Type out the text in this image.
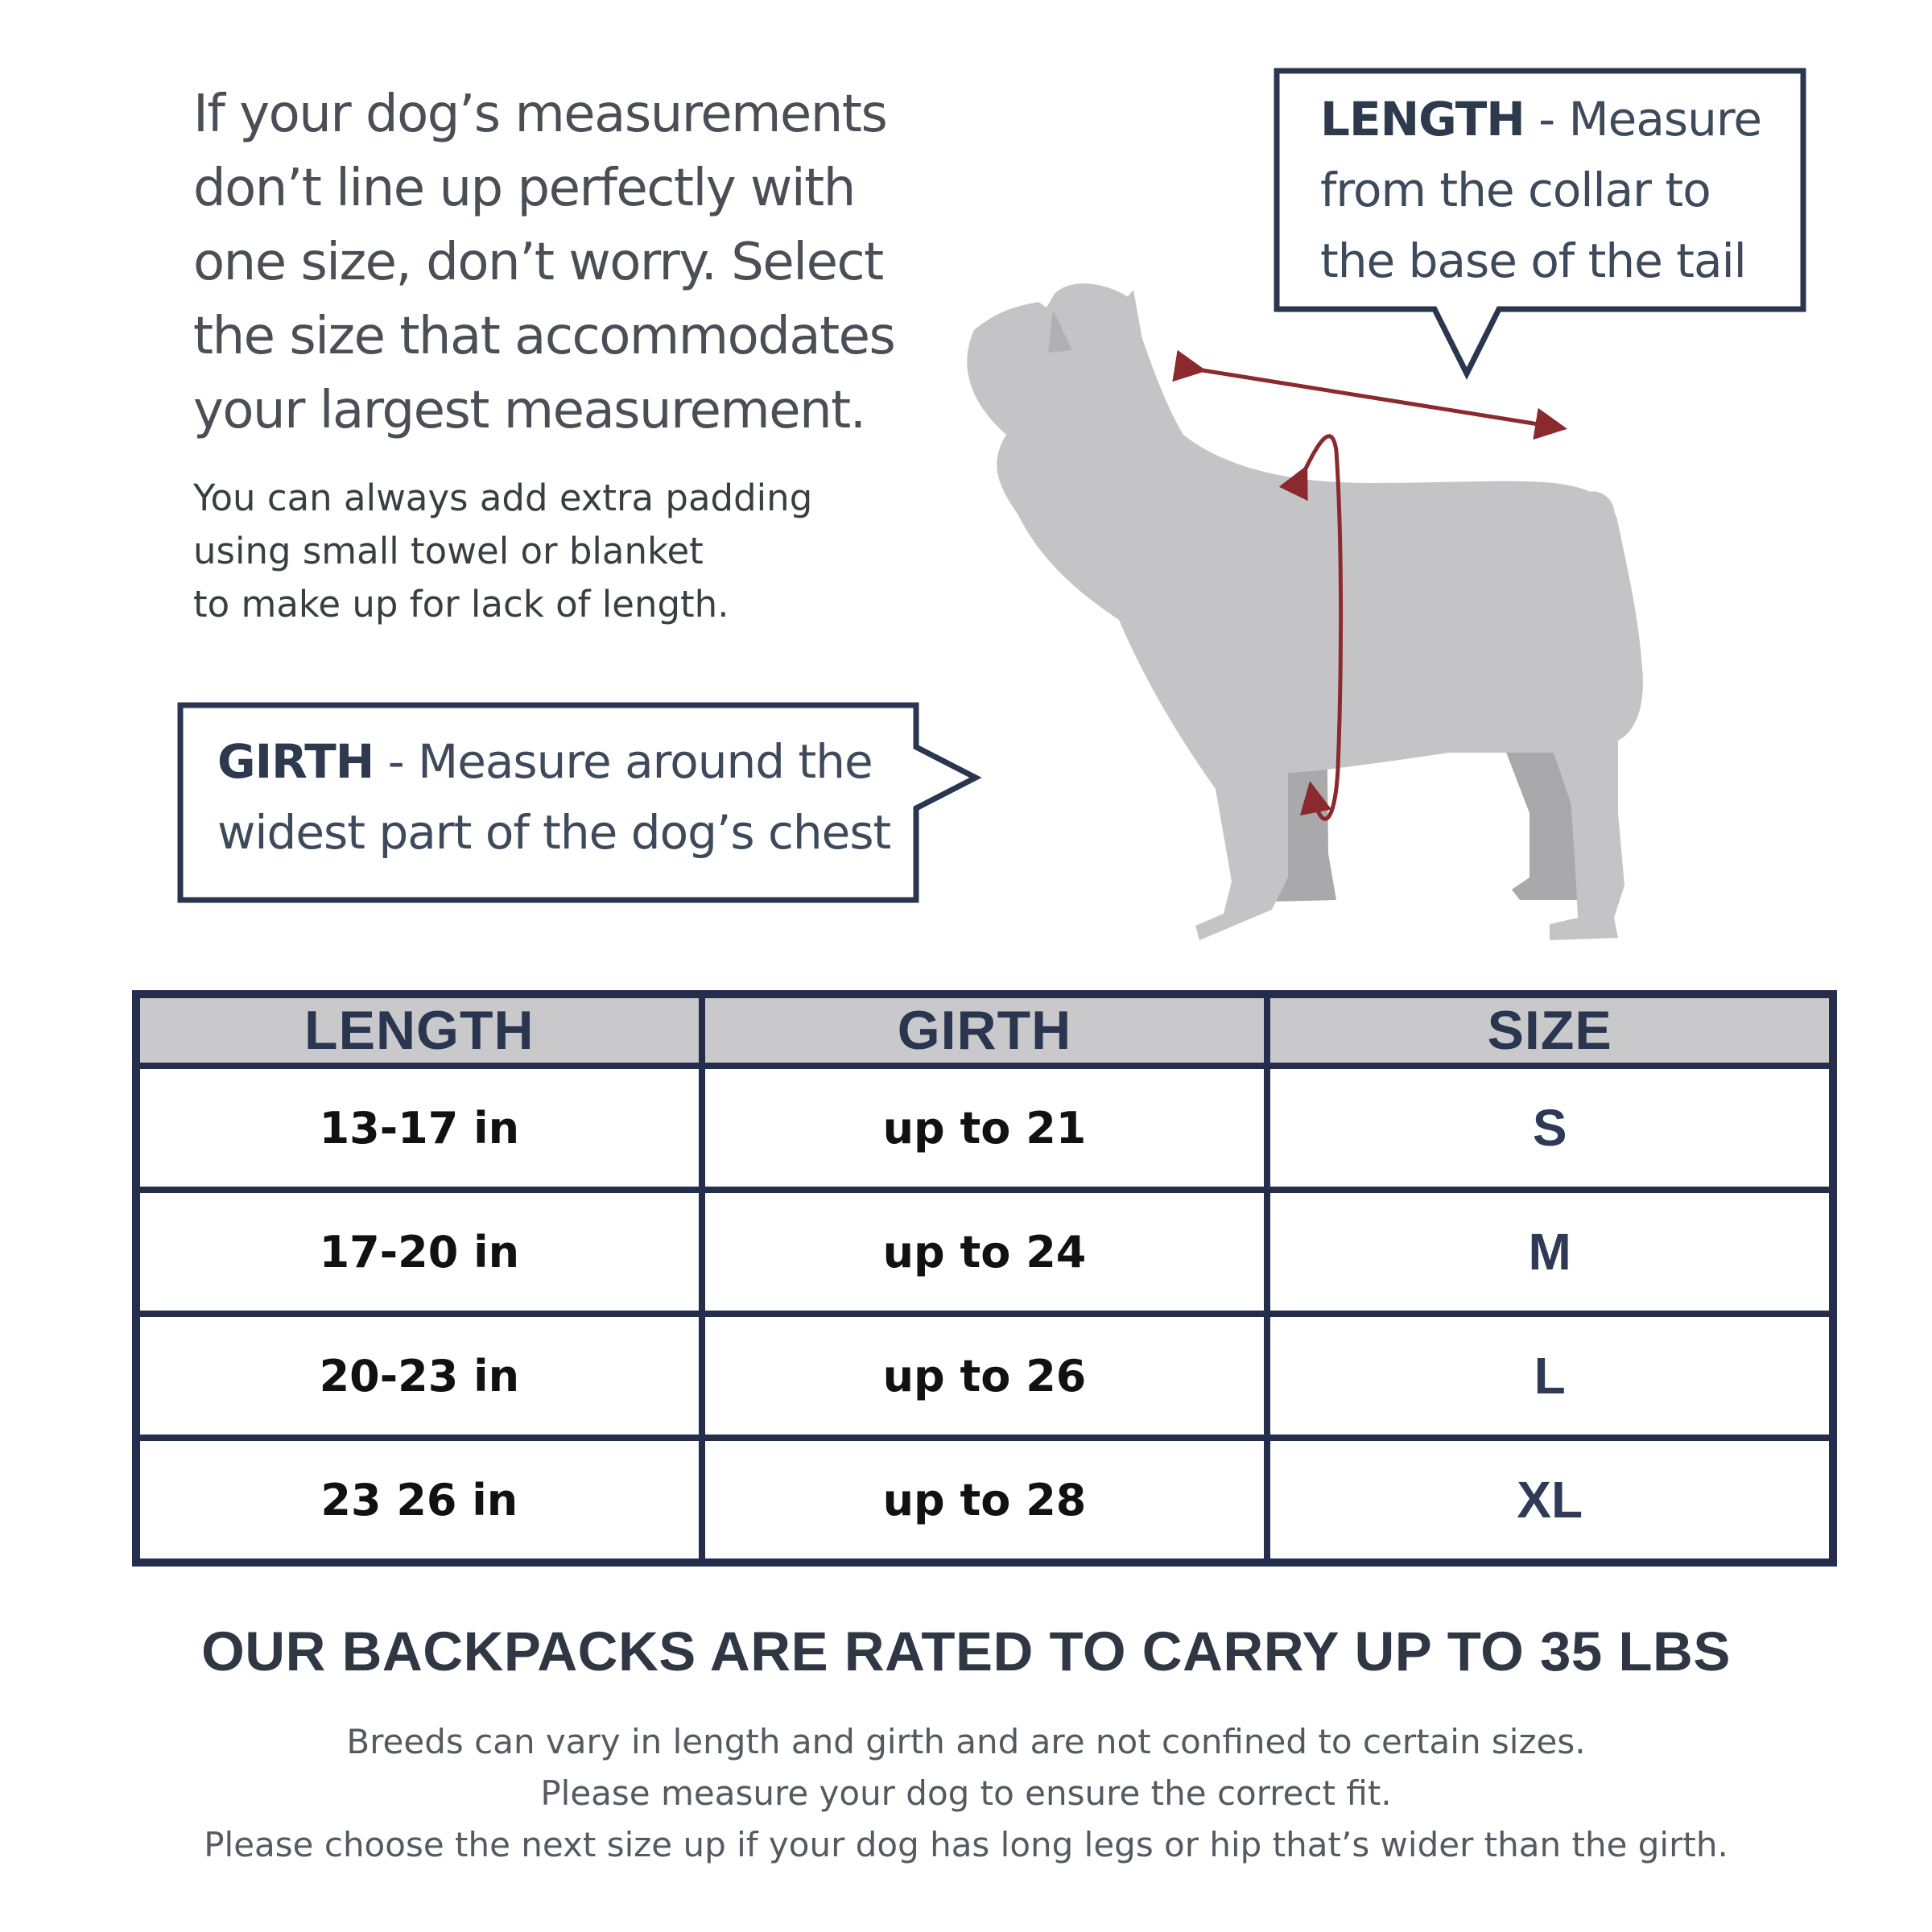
If your dog’s measurements
don’t line up perfectly with
one size, don’t worry. Select
the size that accommodates
your largest measurement.
You can always add extra padding
using small towel or blanket
to make up for lack of length.
LENGTH - Measure
from the collar to
the base of the tail
GIRTH - Measure around the
widest part of the dog’s chest
LENGTH	GIRTH	SIZE
13-17 in	up to 21	S
17-20 in	up to 24	M
20-23 in	up to 26	L
23 26 in	up to 28	XL
OUR BACKPACKS ARE RATED TO CARRY UP TO 35 LBS
Breeds can vary in length and girth and are not confined to certain sizes.
Please measure your dog to ensure the correct fit.
Please choose the next size up if your dog has long legs or hip that’s wider than the girth.
